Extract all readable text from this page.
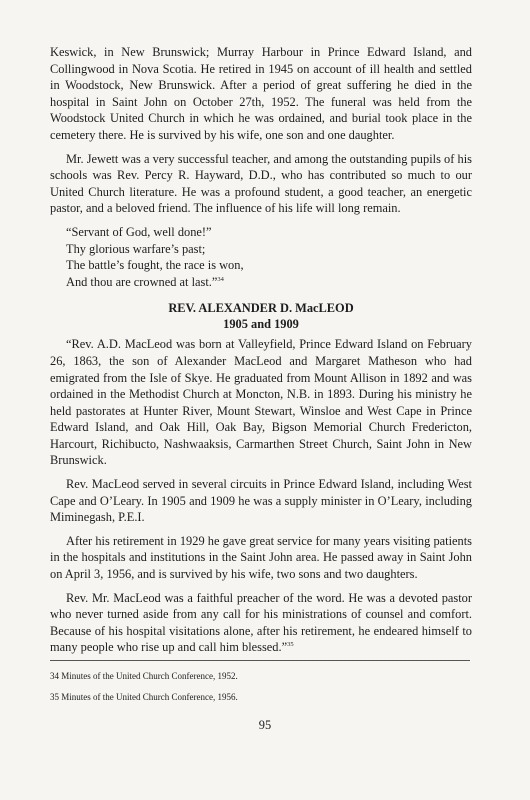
Keswick, in New Brunswick; Murray Harbour in Prince Edward Island, and Collingwood in Nova Scotia. He retired in 1945 on account of ill health and settled in Woodstock, New Brunswick. After a period of great suffering he died in the hospital in Saint John on October 27th, 1952. The funeral was held from the Woodstock United Church in which he was ordained, and burial took place in the cemetery there. He is survived by his wife, one son and one daughter.

Mr. Jewett was a very successful teacher, and among the outstanding pupils of his schools was Rev. Percy R. Hayward, D.D., who has contributed so much to our United Church literature. He was a profound student, a good teacher, an energetic pastor, and a beloved friend. The influence of his life will long remain.

“Servant of God, well done!”

Thy glorious warfare’s past;

The battle’s fought, the race is won,

And thou are crowned at last.”$^{34}$

REV. ALEXANDER D. MacLEOD
1905 and 1909

“Rev. A.D. MacLeod was born at Valleyfield, Prince Edward Island on February 26, 1863, the son of Alexander MacLeod and Margaret Matheson who had emigrated from the Isle of Skye. He graduated from Mount Allison in 1892 and was ordained in the Methodist Church at Moncton, N.B. in 1893. During his ministry he held pastorates at Hunter River, Mount Stewart, Winsloe and West Cape in Prince Edward Island, and Oak Hill, Oak Bay, Bigson Memorial Church Fredericton, Harcourt, Richibucto, Nashwaaksis, Carmarthen Street Church, Saint John in New Brunswick.

Rev. MacLeod served in several circuits in Prince Edward Island, including West Cape and O’Leary. In 1905 and 1909 he was a supply minister in O’Leary, including Miminegash, P.E.I.

After his retirement in 1929 he gave great service for many years visiting patients in the hospitals and institutions in the Saint John area. He passed away in Saint John on April 3, 1956, and is survived by his wife, two sons and two daughters.

Rev. Mr. MacLeod was a faithful preacher of the word. He was a devoted pastor who never turned aside from any call for his ministrations of counsel and comfort. Because of his hospital visitations alone, after his retirement, he endeared himself to many people who rise up and call him blessed.”$^{35}$

34 Minutes of the United Church Conference, 1952.

35 Minutes of the United Church Conference, 1956.

95
